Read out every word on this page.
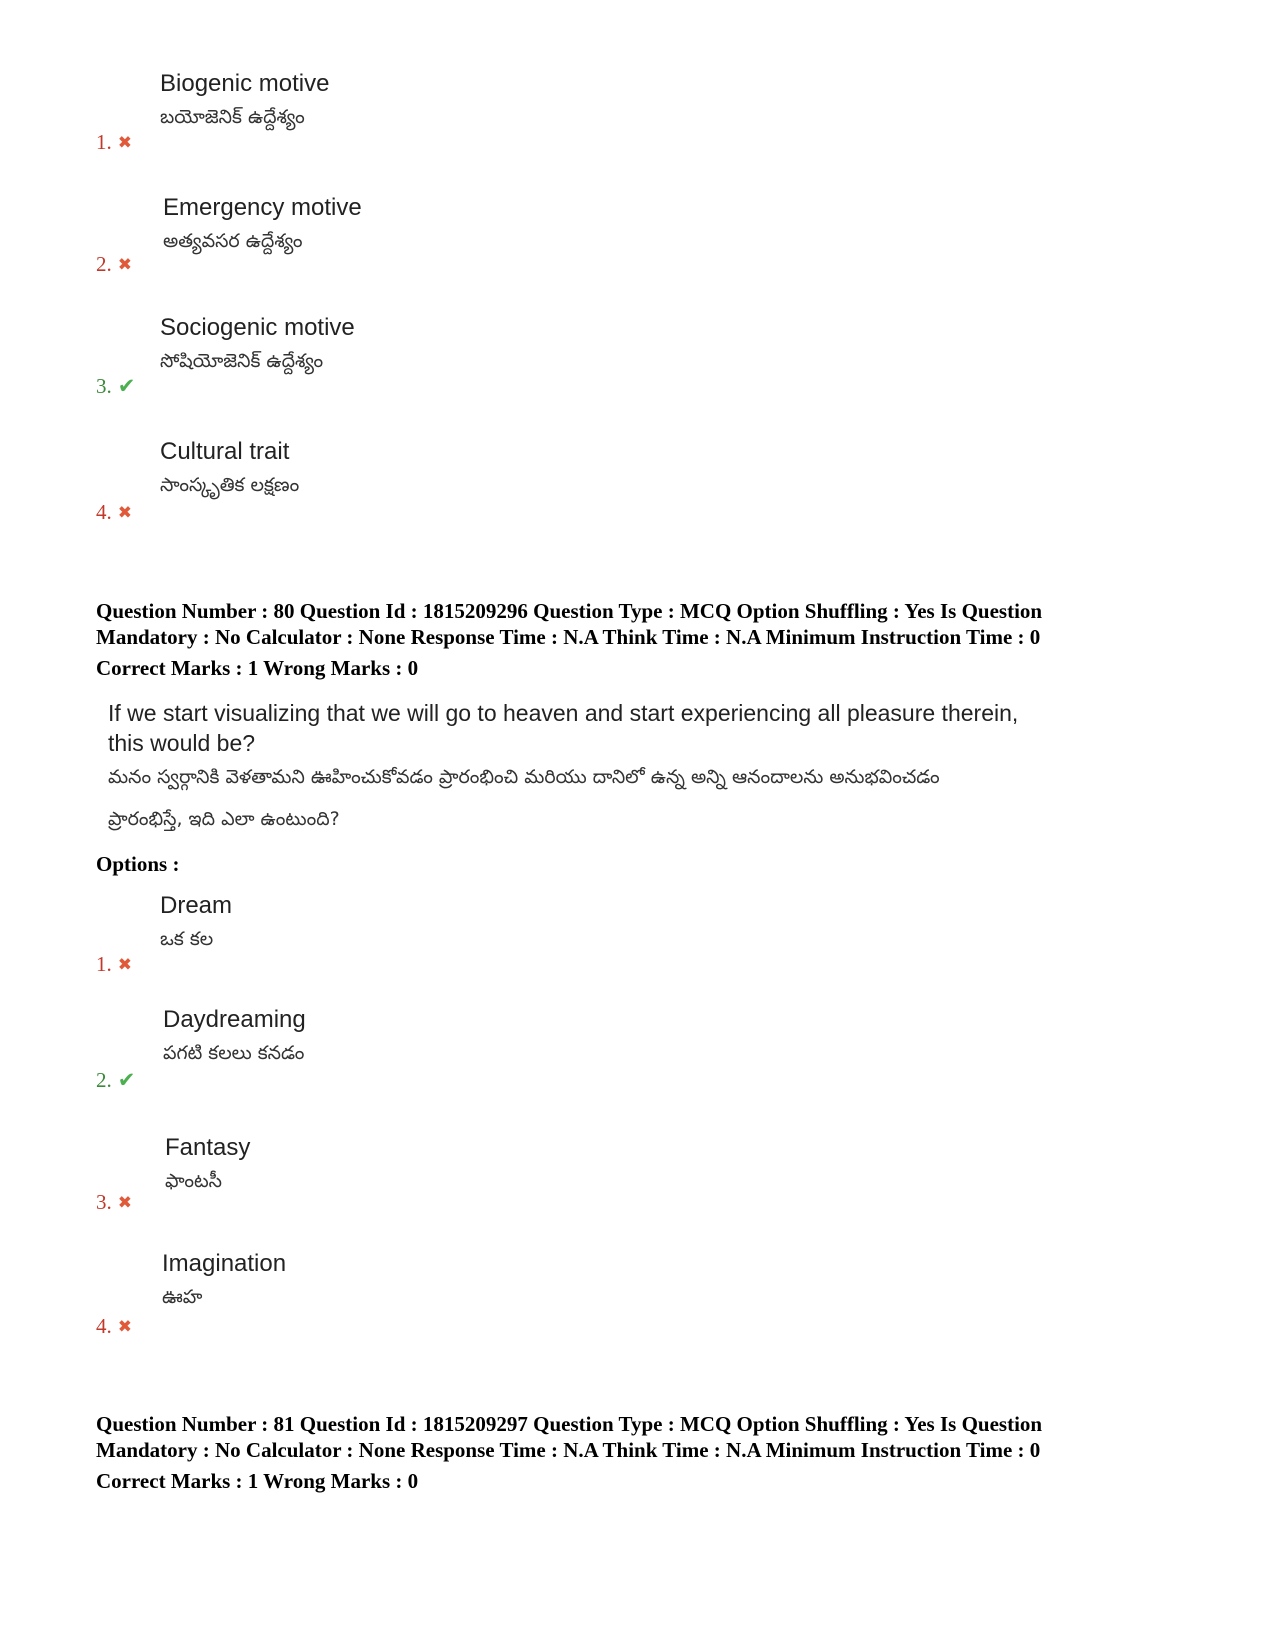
Biogenic motive
బయోజెనిక్ ఉద్దేశ్యం
1. ✖
Emergency motive
అత్యవసర ఉద్దేశ్యం
2. ✖
Sociogenic motive
సోషియోజెనిక్ ఉద్దేశ్యం
3. ✔
Cultural trait
సాంస్కృతిక లక్షణం
4. ✖
Question Number : 80 Question Id : 1815209296 Question Type : MCQ Option Shuffling : Yes Is Question
Mandatory : No Calculator : None Response Time : N.A Think Time : N.A Minimum Instruction Time : 0
Correct Marks : 1 Wrong Marks : 0
If we start visualizing that we will go to heaven and start experiencing all pleasure therein,
this would be?
మనం స్వర్గానికి వెళతామని ఊహించుకోవడం ప్రారంభించి మరియు దానిలో ఉన్న అన్ని ఆనందాలను అనుభవించడం
ప్రారంభిస్తే, ఇది ఎలా ఉంటుంది?
Options :
Dream
ఒక కల
1. ✖
Daydreaming
పగటి కలలు కనడం
2. ✔
Fantasy
ఫాంటసీ
3. ✖
Imagination
ఊహ
4. ✖
Question Number : 81 Question Id : 1815209297 Question Type : MCQ Option Shuffling : Yes Is Question
Mandatory : No Calculator : None Response Time : N.A Think Time : N.A Minimum Instruction Time : 0
Correct Marks : 1 Wrong Marks : 0
